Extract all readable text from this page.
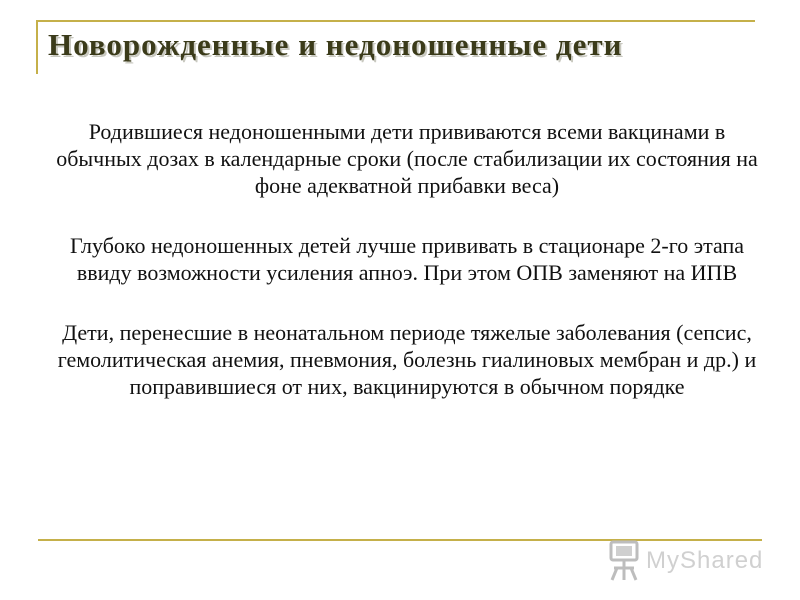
Новорожденные и недоношенные дети

Родившиеся недоношенными дети прививаются всеми вакцинами в обычных дозах в календарные сроки (после стабилизации их состояния на фоне адекватной прибавки веса)

Глубоко недоношенных детей лучше прививать в стационаре 2-го этапа ввиду возможности усиления апноэ. При этом ОПВ заменяют на ИПВ

Дети, перенесшие в неонатальном периоде тяжелые заболевания (сепсис, гемолитическая анемия, пневмония, болезнь гиалиновых мембран и др.) и поправившиеся от них, вакцинируются в обычном порядке

MyShared
